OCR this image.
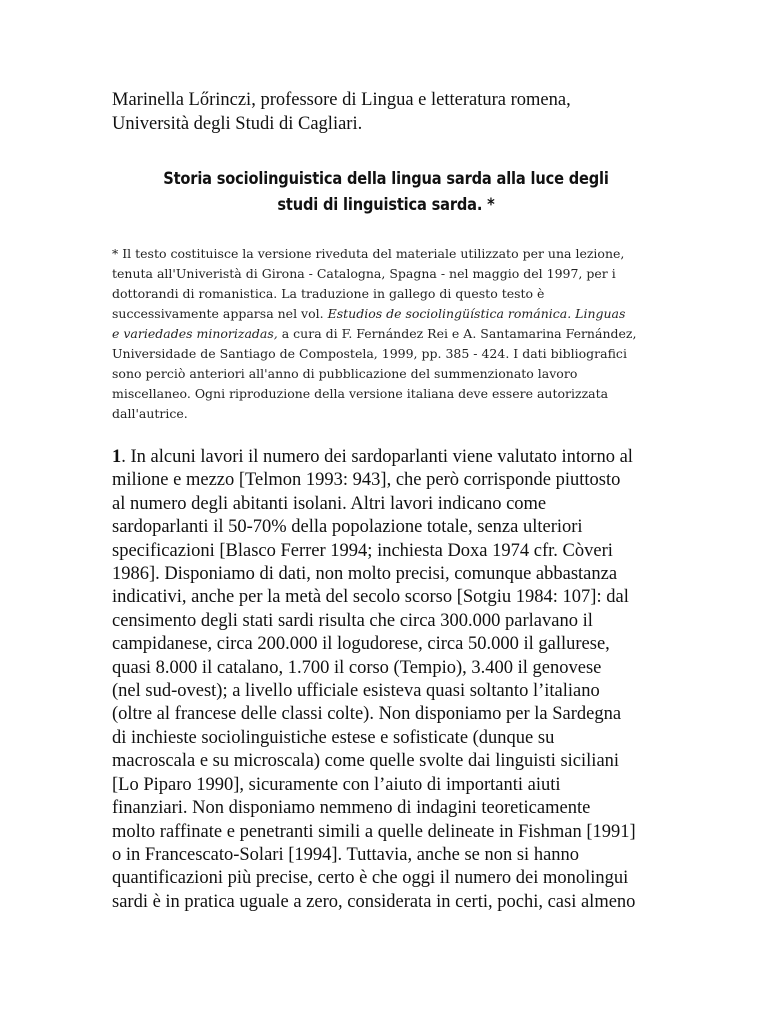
Marinella Lőrinczi, professore di Lingua e letteratura romena,
Università degli Studi di Cagliari.

Storia sociolinguistica della lingua sarda alla luce degli studi di linguistica sarda. *

* Il testo costituisce la versione riveduta del materiale utilizzato per una lezione,
tenuta all'Univeristà di Girona - Catalogna, Spagna - nel maggio del 1997, per i
dottorandi di romanistica. La traduzione in gallego di questo testo è
successivamente apparsa nel vol. Estudios de sociolingüística románica. Linguas
e variedades minorizadas, a cura di F. Fernández Rei e A. Santamarina Fernández,
Universidade de Santiago de Compostela, 1999, pp. 385 - 424. I dati bibliografici
sono perciò anteriori all'anno di pubblicazione del summenzionato lavoro
miscellaneo. Ogni riproduzione della versione italiana deve essere autorizzata
dall'autrice.

1. In alcuni lavori il numero dei sardoparlanti viene valutato intorno al
milione e mezzo [Telmon 1993: 943], che però corrisponde piuttosto
al numero degli abitanti isolani. Altri lavori indicano come
sardoparlanti il 50-70% della popolazione totale, senza ulteriori
specificazioni [Blasco Ferrer 1994; inchiesta Doxa 1974 cfr. Còveri
1986]. Disponiamo di dati, non molto precisi, comunque abbastanza
indicativi, anche per la metà del secolo scorso [Sotgiu 1984: 107]: dal
censimento degli stati sardi risulta che circa 300.000 parlavano il
campidanese, circa 200.000 il logudorese, circa 50.000 il gallurese,
quasi 8.000 il catalano, 1.700 il corso (Tempio), 3.400 il genovese
(nel sud-ovest); a livello ufficiale esisteva quasi soltanto l’italiano
(oltre al francese delle classi colte). Non disponiamo per la Sardegna
di inchieste sociolinguistiche estese e sofisticate (dunque su
macroscala e su microscala) come quelle svolte dai linguisti siciliani
[Lo Piparo 1990], sicuramente con l’aiuto di importanti aiuti
finanziari. Non disponiamo nemmeno di indagini teoreticamente
molto raffinate e penetranti simili a quelle delineate in Fishman [1991]
o in Francescato-Solari [1994]. Tuttavia, anche se non si hanno
quantificazioni più precise, certo è che oggi il numero dei monolingui
sardi è in pratica uguale a zero, considerata in certi, pochi, casi almeno
